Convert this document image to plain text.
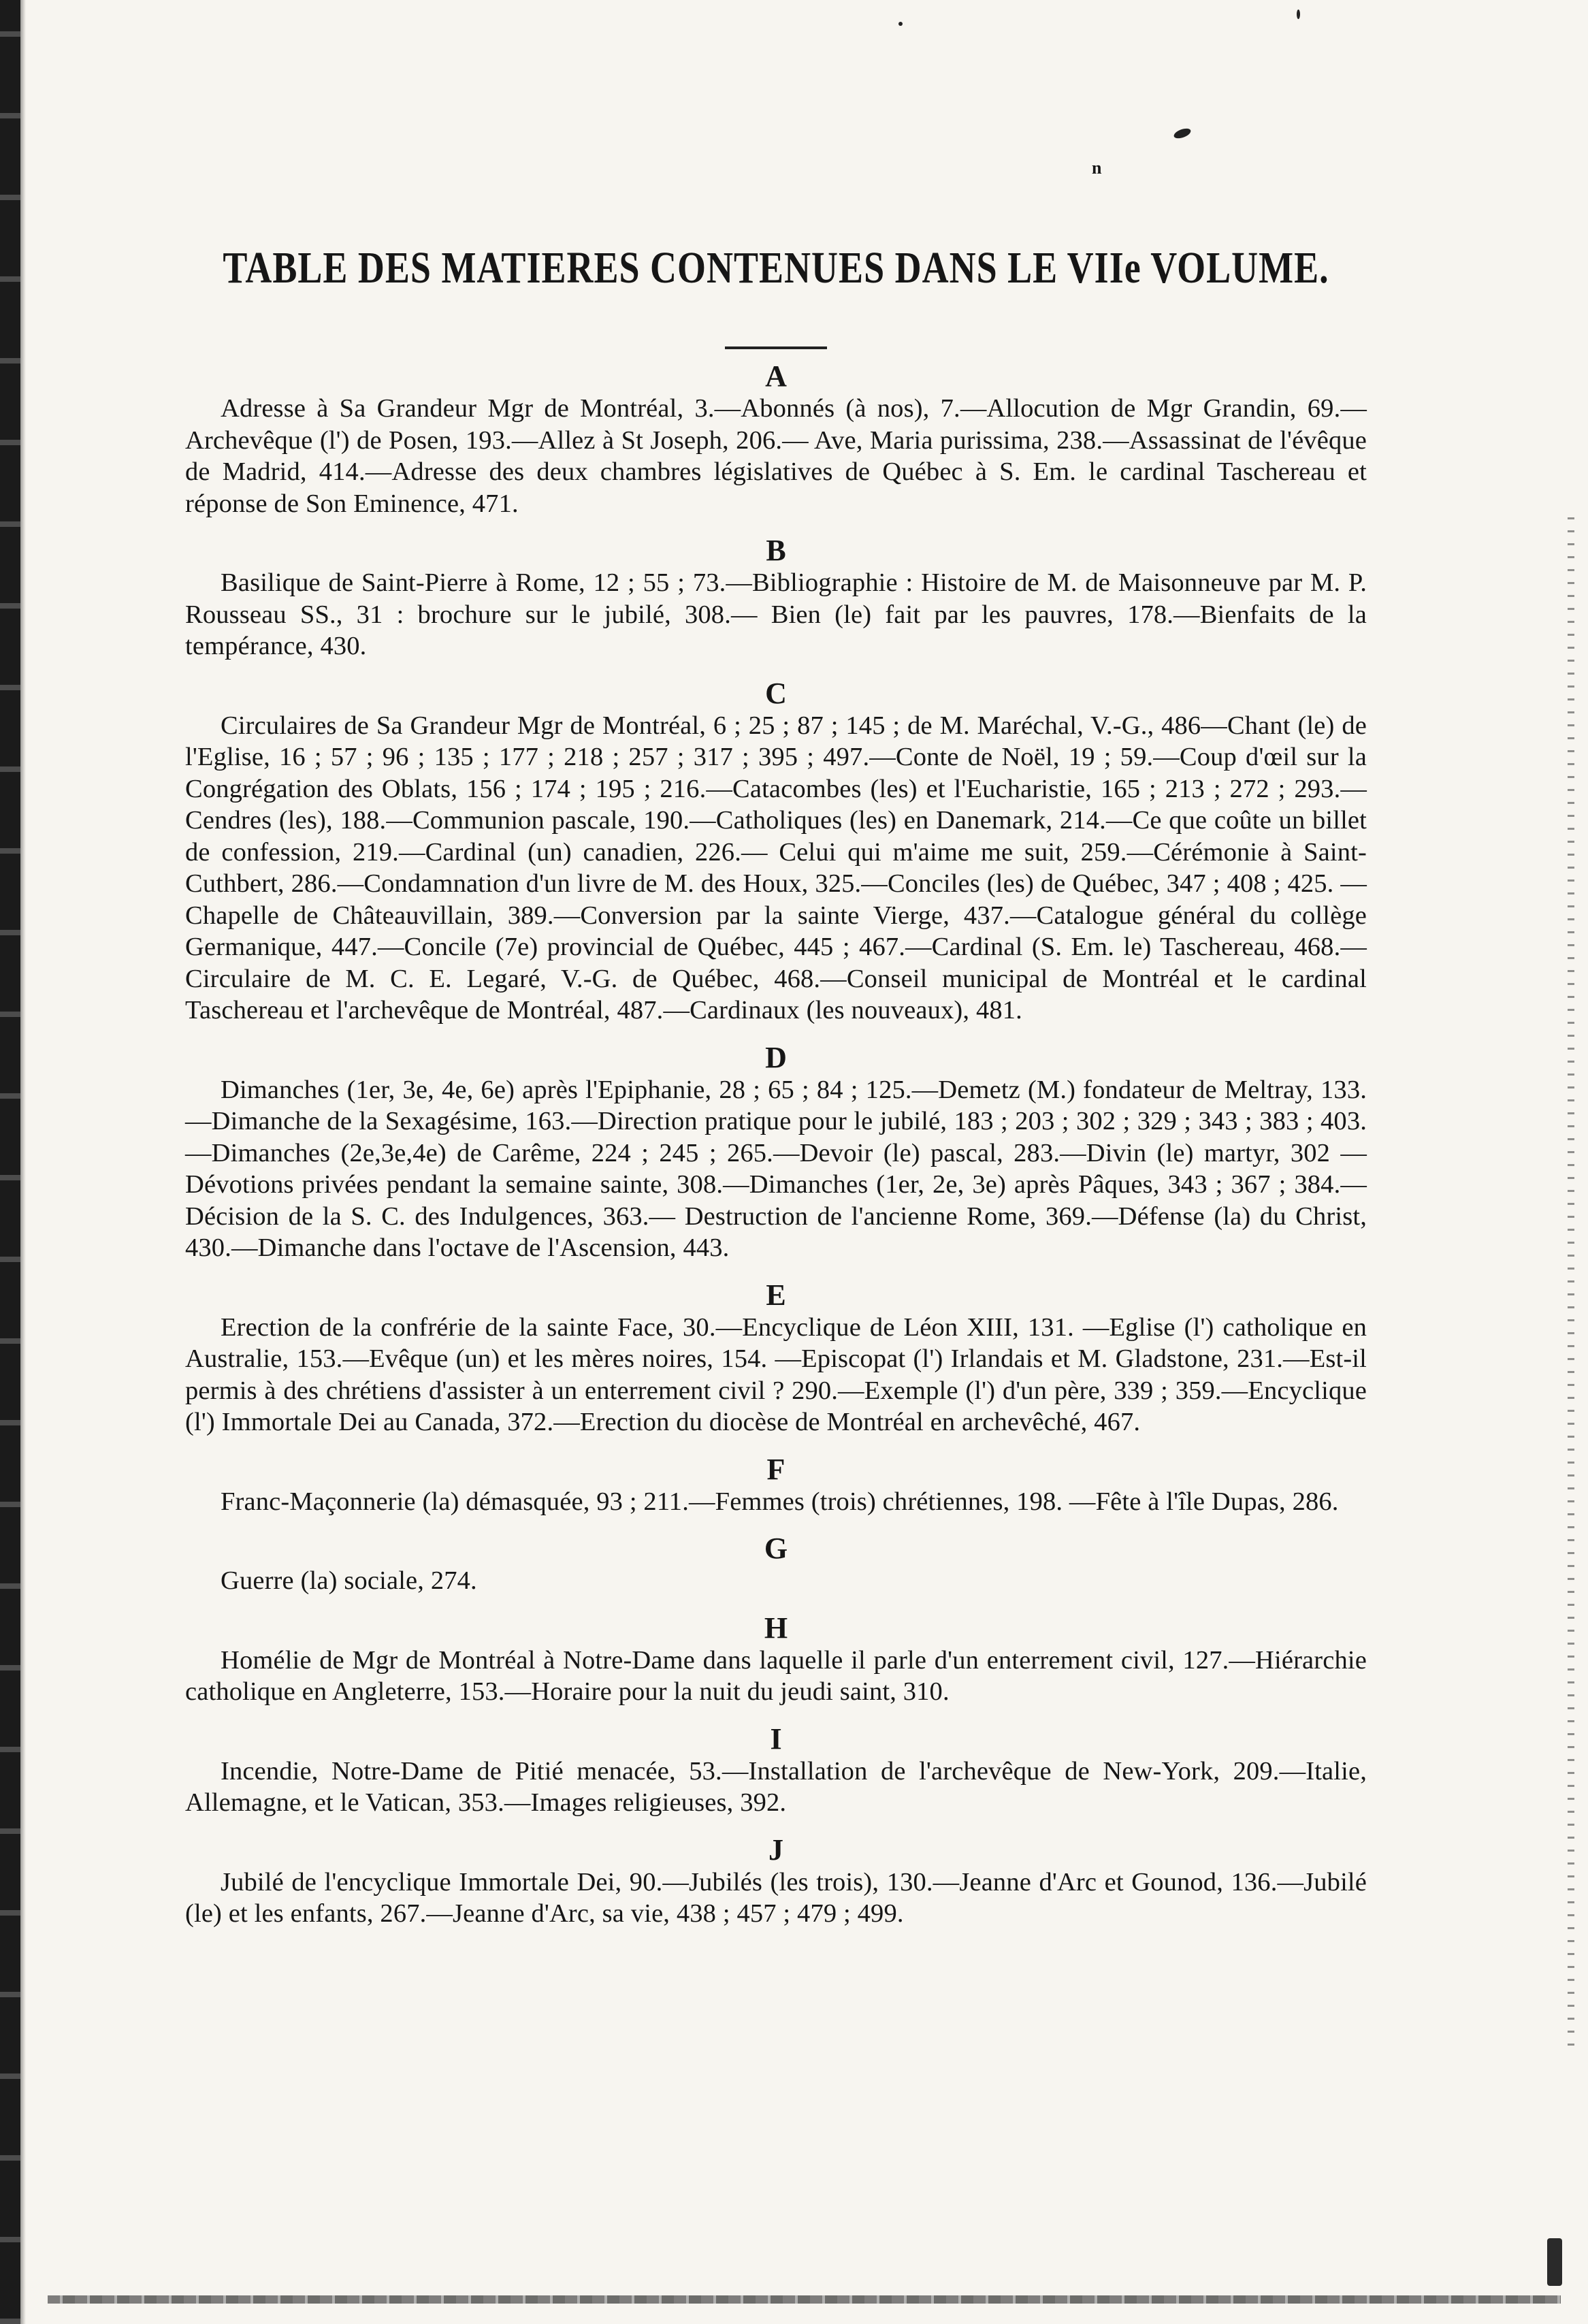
n
TABLE DES MATIERES CONTENUES DANS LE VIIe VOLUME.
A

Adresse à Sa Grandeur Mgr de Montréal, 3.—Abonnés (à nos), 7.—Allocution de Mgr Grandin, 69.—Archevêque (l') de Posen, 193.—Allez à St Joseph, 206.— Ave, Maria purissima, 238.—Assassinat de l'évêque de Madrid, 414.—Adresse des deux chambres législatives de Québec à S. Em. le cardinal Taschereau et réponse de Son Eminence, 471.

B

Basilique de Saint-Pierre à Rome, 12 ; 55 ; 73.—Bibliographie : Histoire de M. de Maisonneuve par M. P. Rousseau SS., 31 : brochure sur le jubilé, 308.— Bien (le) fait par les pauvres, 178.—Bienfaits de la tempérance, 430.

C

Circulaires de Sa Grandeur Mgr de Montréal, 6 ; 25 ; 87 ; 145 ; de M. Maréchal, V.-G., 486—Chant (le) de l'Eglise, 16 ; 57 ; 96 ; 135 ; 177 ; 218 ; 257 ; 317 ; 395 ; 497.—Conte de Noël, 19 ; 59.—Coup d'œil sur la Congrégation des Oblats, 156 ; 174 ; 195 ; 216.—Catacombes (les) et l'Eucharistie, 165 ; 213 ; 272 ; 293.— Cendres (les), 188.—Communion pascale, 190.—Catholiques (les) en Danemark, 214.—Ce que coûte un billet de confession, 219.—Cardinal (un) canadien, 226.— Celui qui m'aime me suit, 259.—Cérémonie à Saint-Cuthbert, 286.—Condamnation d'un livre de M. des Houx, 325.—Conciles (les) de Québec, 347 ; 408 ; 425. —Chapelle de Châteauvillain, 389.—Conversion par la sainte Vierge, 437.—Catalogue général du collège Germanique, 447.—Concile (7e) provincial de Québec, 445 ; 467.—Cardinal (S. Em. le) Taschereau, 468.—Circulaire de M. C. E. Legaré, V.-G. de Québec, 468.—Conseil municipal de Montréal et le cardinal Taschereau et l'archevêque de Montréal, 487.—Cardinaux (les nouveaux), 481.

D

Dimanches (1er, 3e, 4e, 6e) après l'Epiphanie, 28 ; 65 ; 84 ; 125.—Demetz (M.) fondateur de Meltray, 133.—Dimanche de la Sexagésime, 163.—Direction pratique pour le jubilé, 183 ; 203 ; 302 ; 329 ; 343 ; 383 ; 403.—Dimanches (2e,3e,4e) de Carême, 224 ; 245 ; 265.—Devoir (le) pascal, 283.—Divin (le) martyr, 302 — Dévotions privées pendant la semaine sainte, 308.—Dimanches (1er, 2e, 3e) après Pâques, 343 ; 367 ; 384.—Décision de la S. C. des Indulgences, 363.— Destruction de l'ancienne Rome, 369.—Défense (la) du Christ, 430.—Dimanche dans l'octave de l'Ascension, 443.

E

Erection de la confrérie de la sainte Face, 30.—Encyclique de Léon XIII, 131. —Eglise (l') catholique en Australie, 153.—Evêque (un) et les mères noires, 154. —Episcopat (l') Irlandais et M. Gladstone, 231.—Est-il permis à des chrétiens d'assister à un enterrement civil ? 290.—Exemple (l') d'un père, 339 ; 359.—Encyclique (l') Immortale Dei au Canada, 372.—Erection du diocèse de Montréal en archevêché, 467.

F

Franc-Maçonnerie (la) démasquée, 93 ; 211.—Femmes (trois) chrétiennes, 198. —Fête à l'île Dupas, 286.

G

Guerre (la) sociale, 274.

H

Homélie de Mgr de Montréal à Notre-Dame dans laquelle il parle d'un enterrement civil, 127.—Hiérarchie catholique en Angleterre, 153.—Horaire pour la nuit du jeudi saint, 310.

I

Incendie, Notre-Dame de Pitié menacée, 53.—Installation de l'archevêque de New-York, 209.—Italie, Allemagne, et le Vatican, 353.—Images religieuses, 392.

J

Jubilé de l'encyclique Immortale Dei, 90.—Jubilés (les trois), 130.—Jeanne d'Arc et Gounod, 136.—Jubilé (le) et les enfants, 267.—Jeanne d'Arc, sa vie, 438 ; 457 ; 479 ; 499.
